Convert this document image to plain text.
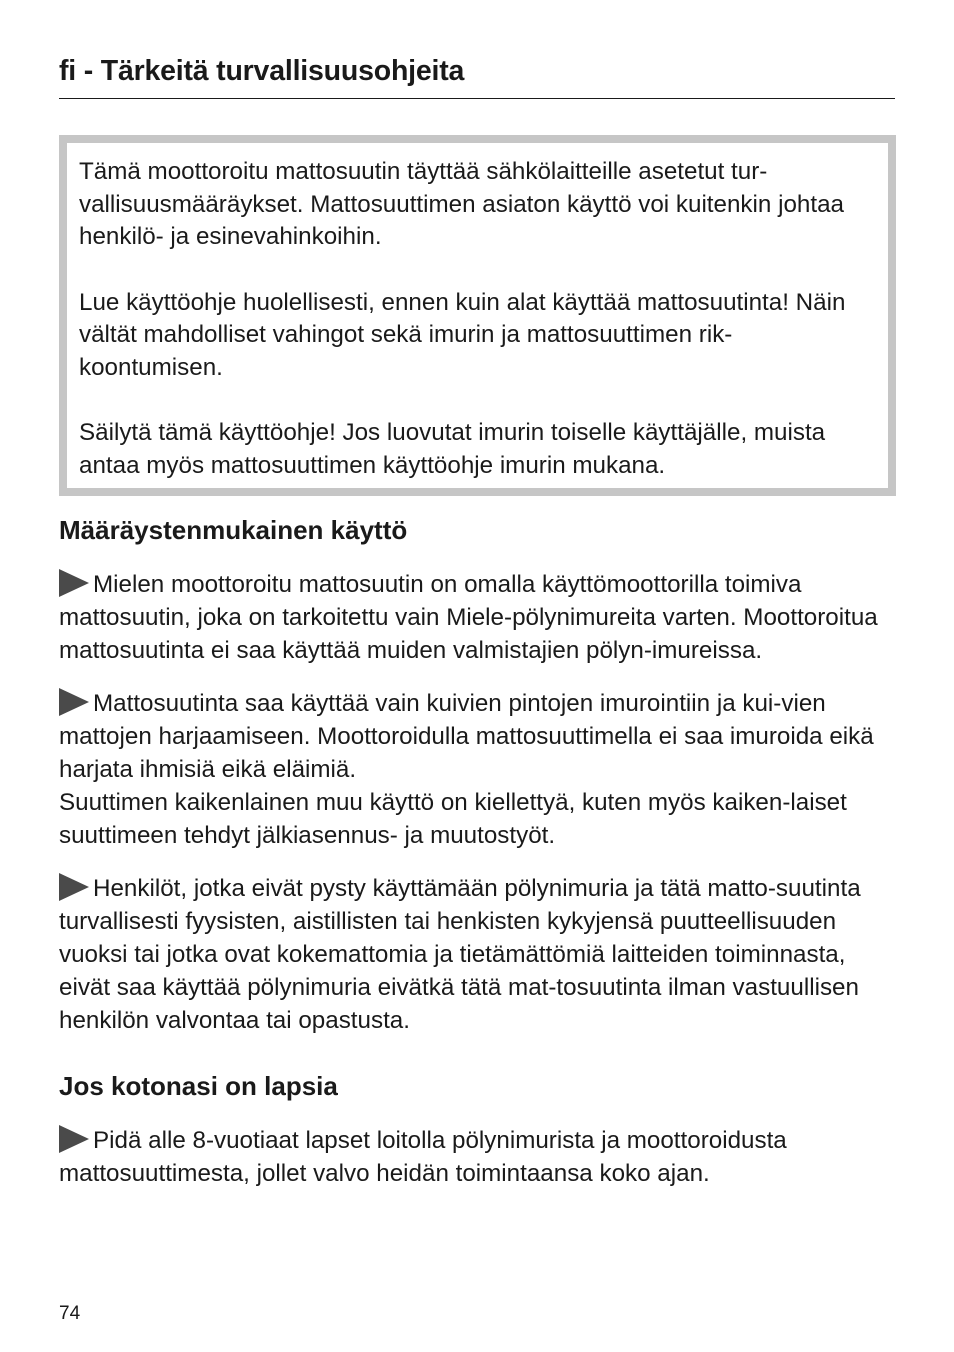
fi - Tärkeitä turvallisuusohjeita

Tämä moottoroitu mattosuutin täyttää sähkölaitteille asetetut tur-vallisuusmääräykset. Mattosuuttimen asiaton käyttö voi kuitenkin johtaa henkilö- ja esinevahinkoihin.

Lue käyttöohje huolellisesti, ennen kuin alat käyttää mattosuutinta! Näin vältät mahdolliset vahingot sekä imurin ja mattosuuttimen rik-koontumisen.

Säilytä tämä käyttöohje! Jos luovutat imurin toiselle käyttäjälle, muista antaa myös mattosuuttimen käyttöohje imurin mukana.

Määräystenmukainen käyttö

Mielen moottoroitu mattosuutin on omalla käyttömoottorilla toimiva mattosuutin, joka on tarkoitettu vain Miele-pölynimureita varten. Moottoroitua mattosuutinta ei saa käyttää muiden valmistajien pölyn-imureissa.

Mattosuutinta saa käyttää vain kuivien pintojen imurointiin ja kui-vien mattojen harjaamiseen. Moottoroidulla mattosuuttimella ei saa imuroida eikä harjata ihmisiä eikä eläimiä.
Suuttimen kaikenlainen muu käyttö on kiellettyä, kuten myös kaiken-laiset suuttimeen tehdyt jälkiasennus- ja muutostyöt.

Henkilöt, jotka eivät pysty käyttämään pölynimuria ja tätä matto-suutinta turvallisesti fyysisten, aistillisten tai henkisten kykyjensä puutteellisuuden vuoksi tai jotka ovat kokemattomia ja tietämättömiä laitteiden toiminnasta, eivät saa käyttää pölynimuria eivätkä tätä mat-tosuutinta ilman vastuullisen henkilön valvontaa tai opastusta.

Jos kotonasi on lapsia

Pidä alle 8-vuotiaat lapset loitolla pölynimurista ja moottoroidusta mattosuuttimesta, jollet valvo heidän toimintaansa koko ajan.

74
